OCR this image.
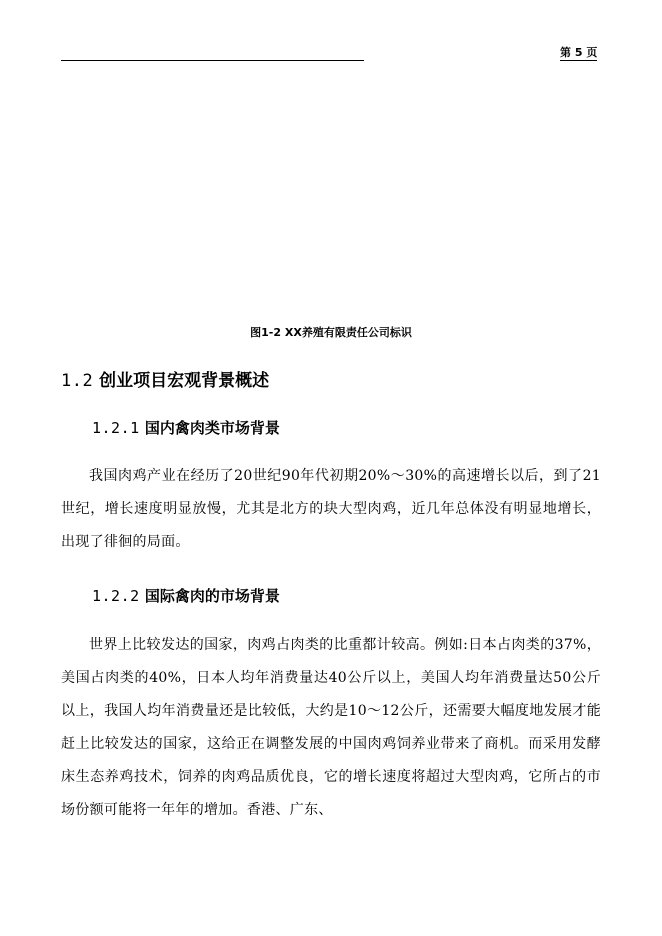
第 5 页
图1-2 XX养殖有限责任公司标识
1.2 创业项目宏观背景概述
1.2.1 国内禽肉类市场背景

我国肉鸡产业在经历了20世纪90年代初期20%～30%的高速增长以后，到了21世纪，增长速度明显放慢，尤其是北方的块大型肉鸡，近几年总体没有明显地增长，出现了徘徊的局面。

1.2.2 国际禽肉的市场背景

世界上比较发达的国家，肉鸡占肉类的比重都计较高。例如:日本占肉类的37%，美国占肉类的40%，日本人均年消费量达40公斤以上，美国人均年消费量达50公斤以上，我国人均年消费量还是比较低，大约是10～12公斤，还需要大幅度地发展才能赶上比较发达的国家，这给正在调整发展的中国肉鸡饲养业带来了商机。而采用发酵床生态养鸡技术，饲养的肉鸡品质优良，它的增长速度将超过大型肉鸡，它所占的市场份额可能将一年年的增加。香港、广东、
